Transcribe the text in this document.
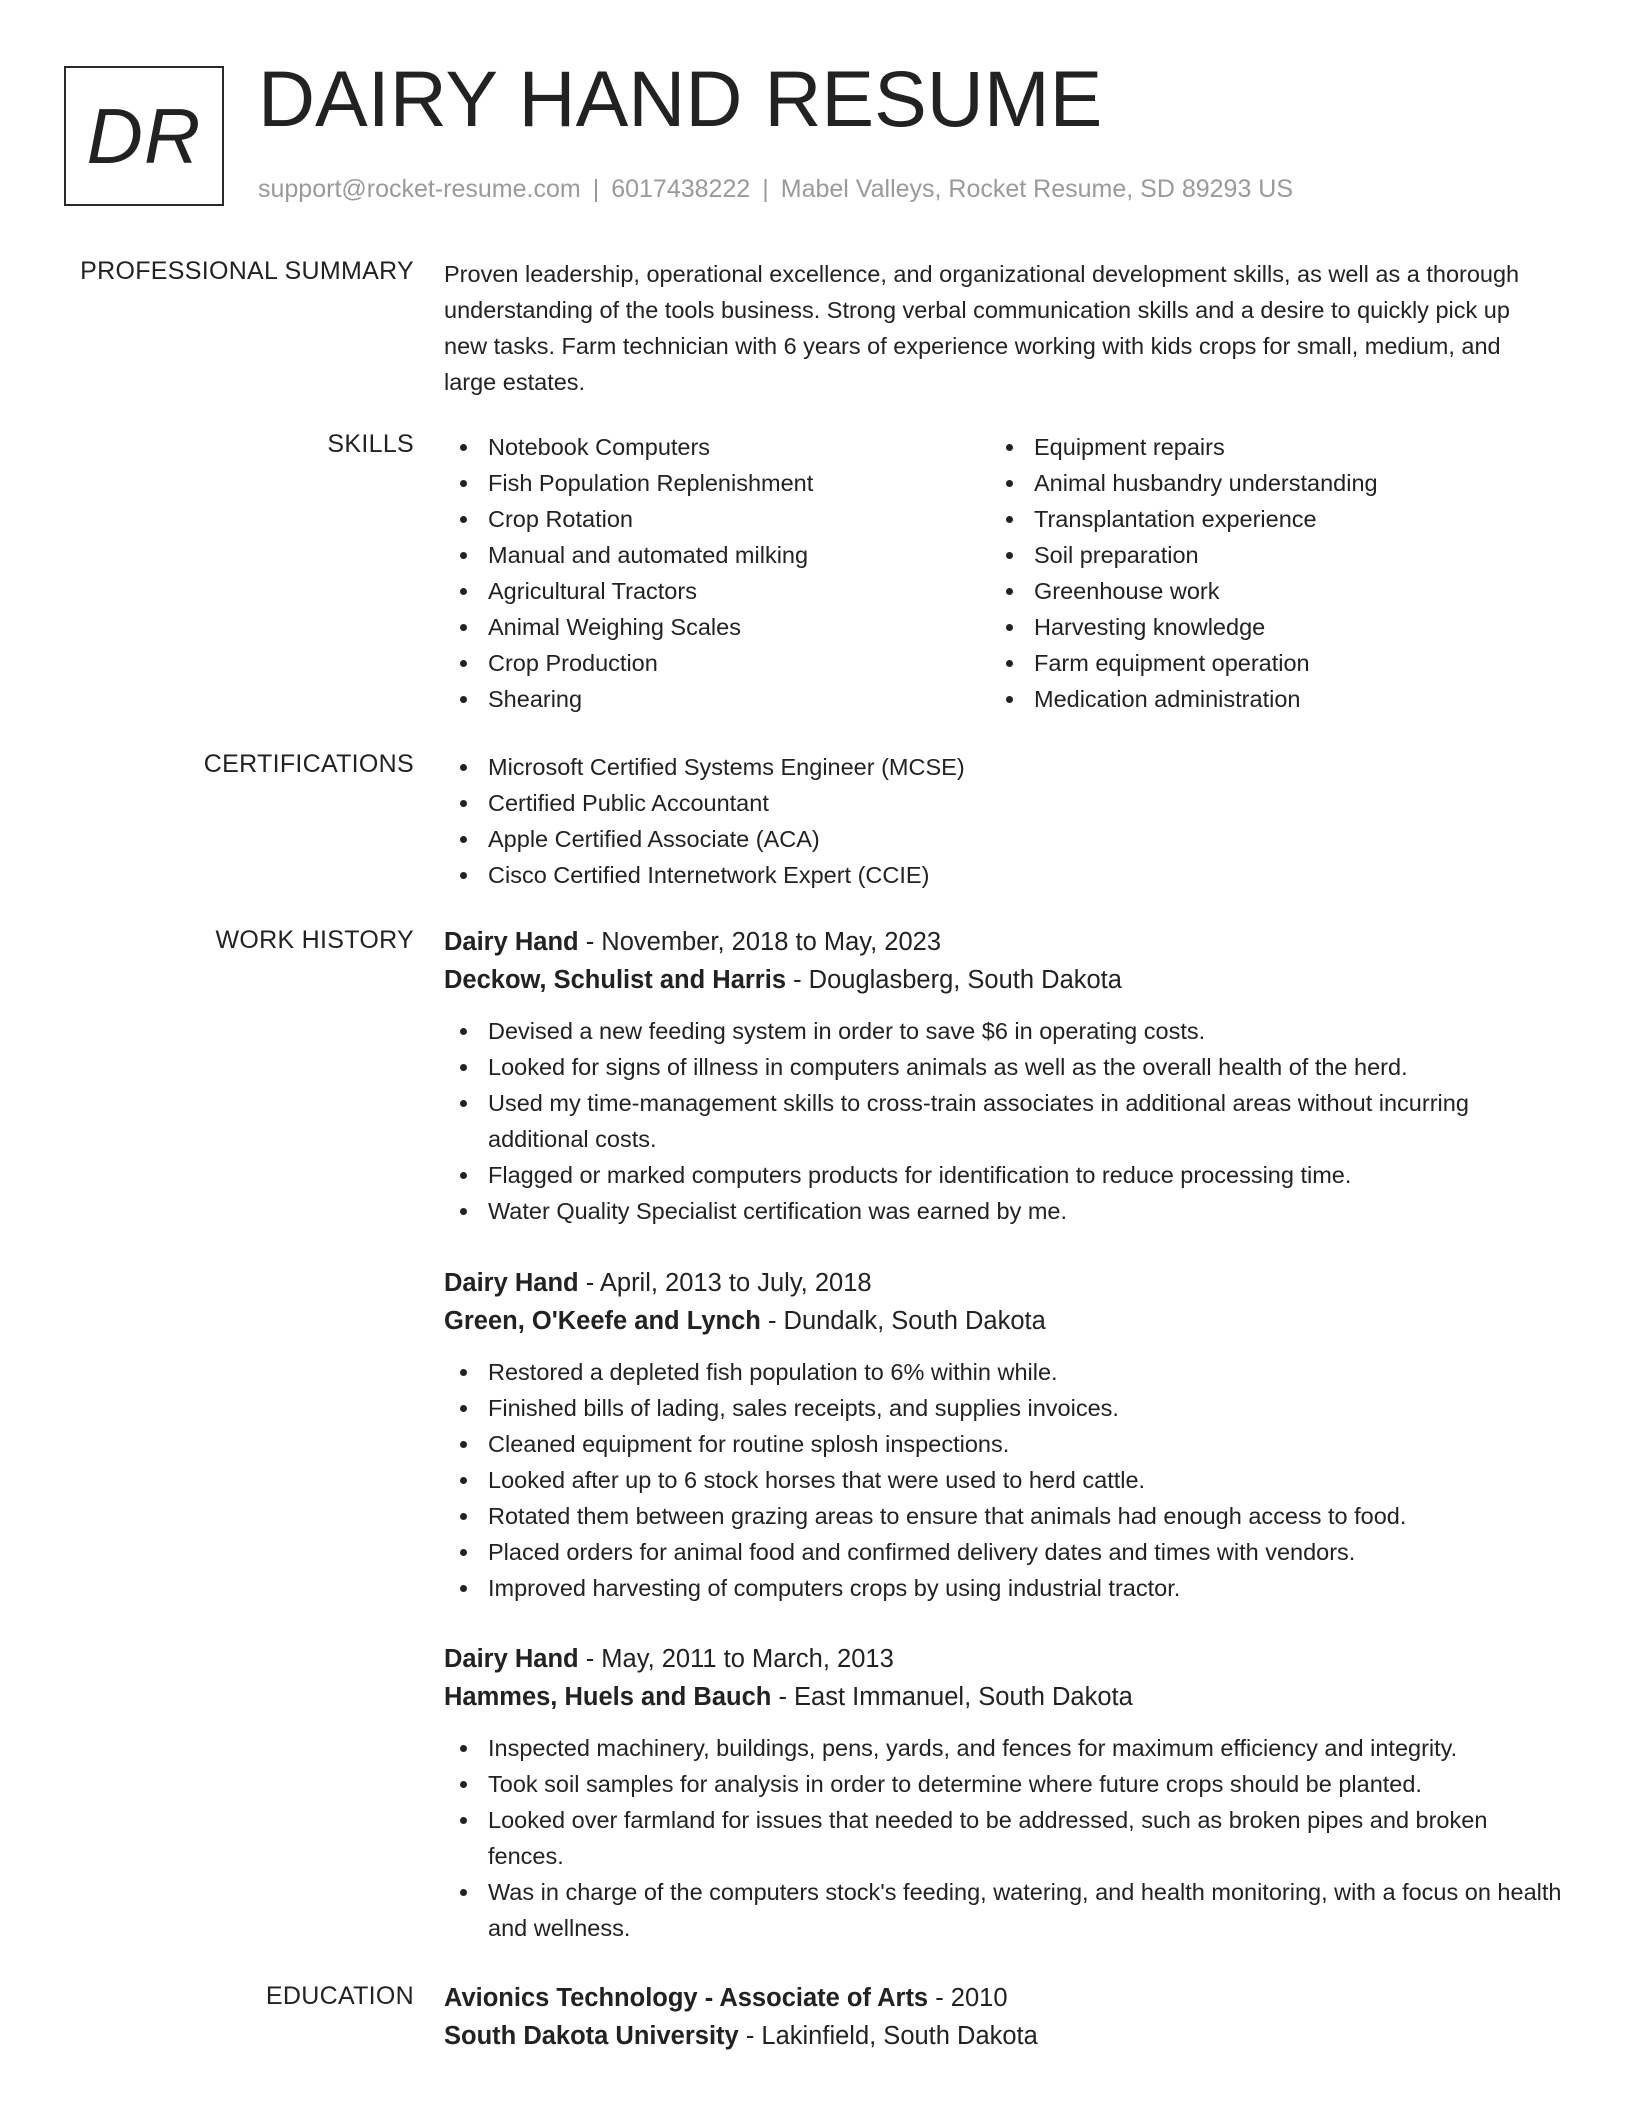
DR DAIRY HAND RESUME
support@rocket-resume.com | 6017438222 | Mabel Valleys, Rocket Resume, SD 89293 US
PROFESSIONAL SUMMARY Proven leadership, operational excellence, and organizational development skills, as well as a thorough understanding of the tools business. Strong verbal communication skills and a desire to quickly pick up new tasks. Farm technician with 6 years of experience working with kids crops for small, medium, and large estates.
SKILLS	Notebook Computers
Fish Population Replenishment
Crop Rotation
Manual and automated milking
Agricultural Tractors
Animal Weighing Scales
Crop Production
Shearing
Equipment repairs
Animal husbandry understanding
Transplantation experience
Soil preparation
Greenhouse work
Harvesting knowledge
Farm equipment operation
Medication administration
CERTIFICATIONS	Microsoft Certified Systems Engineer (MCSE)
Certified Public Accountant
Apple Certified Associate (ACA)
Cisco Certified Internetwork Expert (CCIE)
WORK HISTORY Dairy Hand - November, 2018 to May, 2023
Deckow, Schulist and Harris - Douglasberg, South Dakota
Devised a new feeding system in order to save $6 in operating costs.
Looked for signs of illness in computers animals as well as the overall health of the herd.
Used my time-management skills to cross-train associates in additional areas without incurring additional costs.
Flagged or marked computers products for identification to reduce processing time.
Water Quality Specialist certification was earned by me.
Dairy Hand - April, 2013 to July, 2018
Green, O'Keefe and Lynch - Dundalk, South Dakota
Restored a depleted fish population to 6% within while.
Finished bills of lading, sales receipts, and supplies invoices.
Cleaned equipment for routine splosh inspections.
Looked after up to 6 stock horses that were used to herd cattle.
Rotated them between grazing areas to ensure that animals had enough access to food.
Placed orders for animal food and confirmed delivery dates and times with vendors.
Improved harvesting of computers crops by using industrial tractor.
Dairy Hand - May, 2011 to March, 2013
Hammes, Huels and Bauch - East Immanuel, South Dakota
Inspected machinery, buildings, pens, yards, and fences for maximum efficiency and integrity.
Took soil samples for analysis in order to determine where future crops should be planted.
Looked over farmland for issues that needed to be addressed, such as broken pipes and broken fences.
Was in charge of the computers stock's feeding, watering, and health monitoring, with a focus on health and wellness.
EDUCATION Avionics Technology - Associate of Arts - 2010
South Dakota University - Lakinfield, South Dakota
